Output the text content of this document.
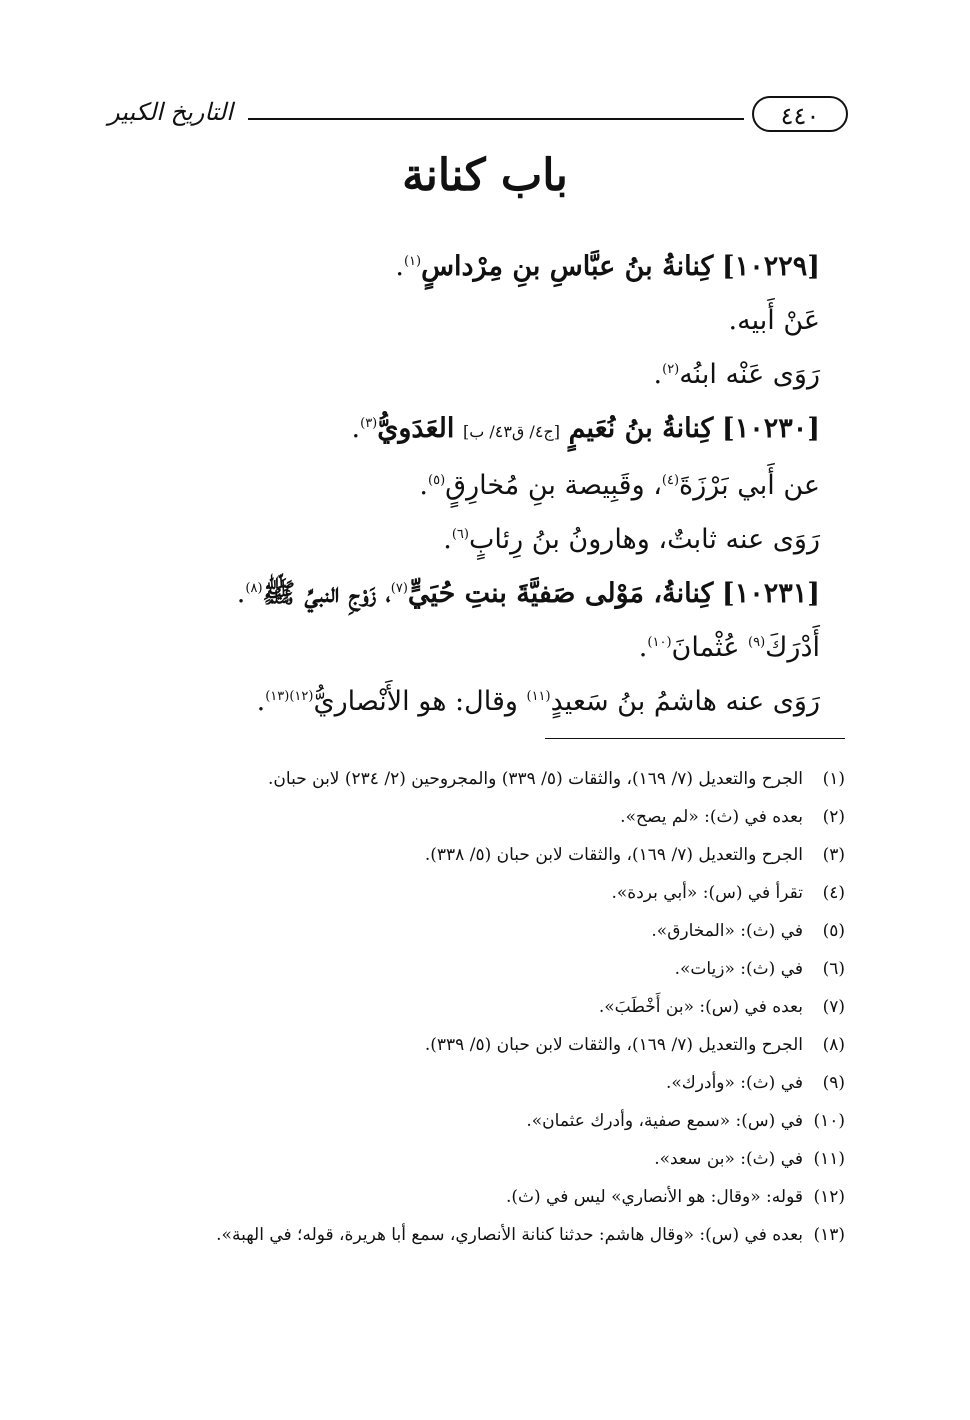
التاريخ الكبير	٤٤٠
باب كنانة
[١٠٢٢٩] كِنانةُ بنُ عبَّاسِ بنِ مِرْداسٍ$^{(١)}$.
عَنْ أَبيه.
رَوَى عَنْه ابنُه$^{(٢)}$.
[١٠٢٣٠] كِنانةُ بنُ نُعَيمٍ [ج٤/ ق٤٣/ ب] العَدَويُّ$^{(٣)}$.
عن أَبي بَرْزَةَ$^{(٤)}$، وقَبِيصة بنِ مُخارِقٍ$^{(٥)}$.
رَوَى عنه ثابتٌ، وهارونُ بنُ رِئابٍ$^{(٦)}$.
[١٠٢٣١] كِنانةُ، مَوْلى صَفيَّةَ بنتِ حُيَيٍّ$^{(٧)}$، زَوْجِ النبيِّ ﷺ$^{(٨)}$.
أَدْرَكَ$^{(٩)}$ عُثْمانَ$^{(١٠)}$.
رَوَى عنه هاشمُ بنُ سَعيدٍ$^{(١١)}$ وقال: هو الأَنْصاريُّ$^{(١٢)(١٣)}$.
(١)الجرح والتعديل (٧/ ١٦٩)، والثقات (٥/ ٣٣٩) والمجروحين (٢/ ٢٣٤) لابن حبان.
(٢)بعده في (ث): «لم يصح».
(٣)الجرح والتعديل (٧/ ١٦٩)، والثقات لابن حبان (٥/ ٣٣٨).
(٤)تقرأ في (س): «أبي بردة».
(٥)في (ث): «المخارق».
(٦)في (ث): «زيات».
(٧)بعده في (س): «بن أَخْطَبَ».
(٨)الجرح والتعديل (٧/ ١٦٩)، والثقات لابن حبان (٥/ ٣٣٩).
(٩)في (ث): «وأدرك».
(١٠)في (س): «سمع صفية، وأدرك عثمان».
(١١)في (ث): «بن سعد».
(١٢)قوله: «وقال: هو الأنصاري» ليس في (ث).
(١٣)بعده في (س): «وقال هاشم: حدثنا كنانة الأنصاري، سمع أبا هريرة، قوله؛ في الهبة».
